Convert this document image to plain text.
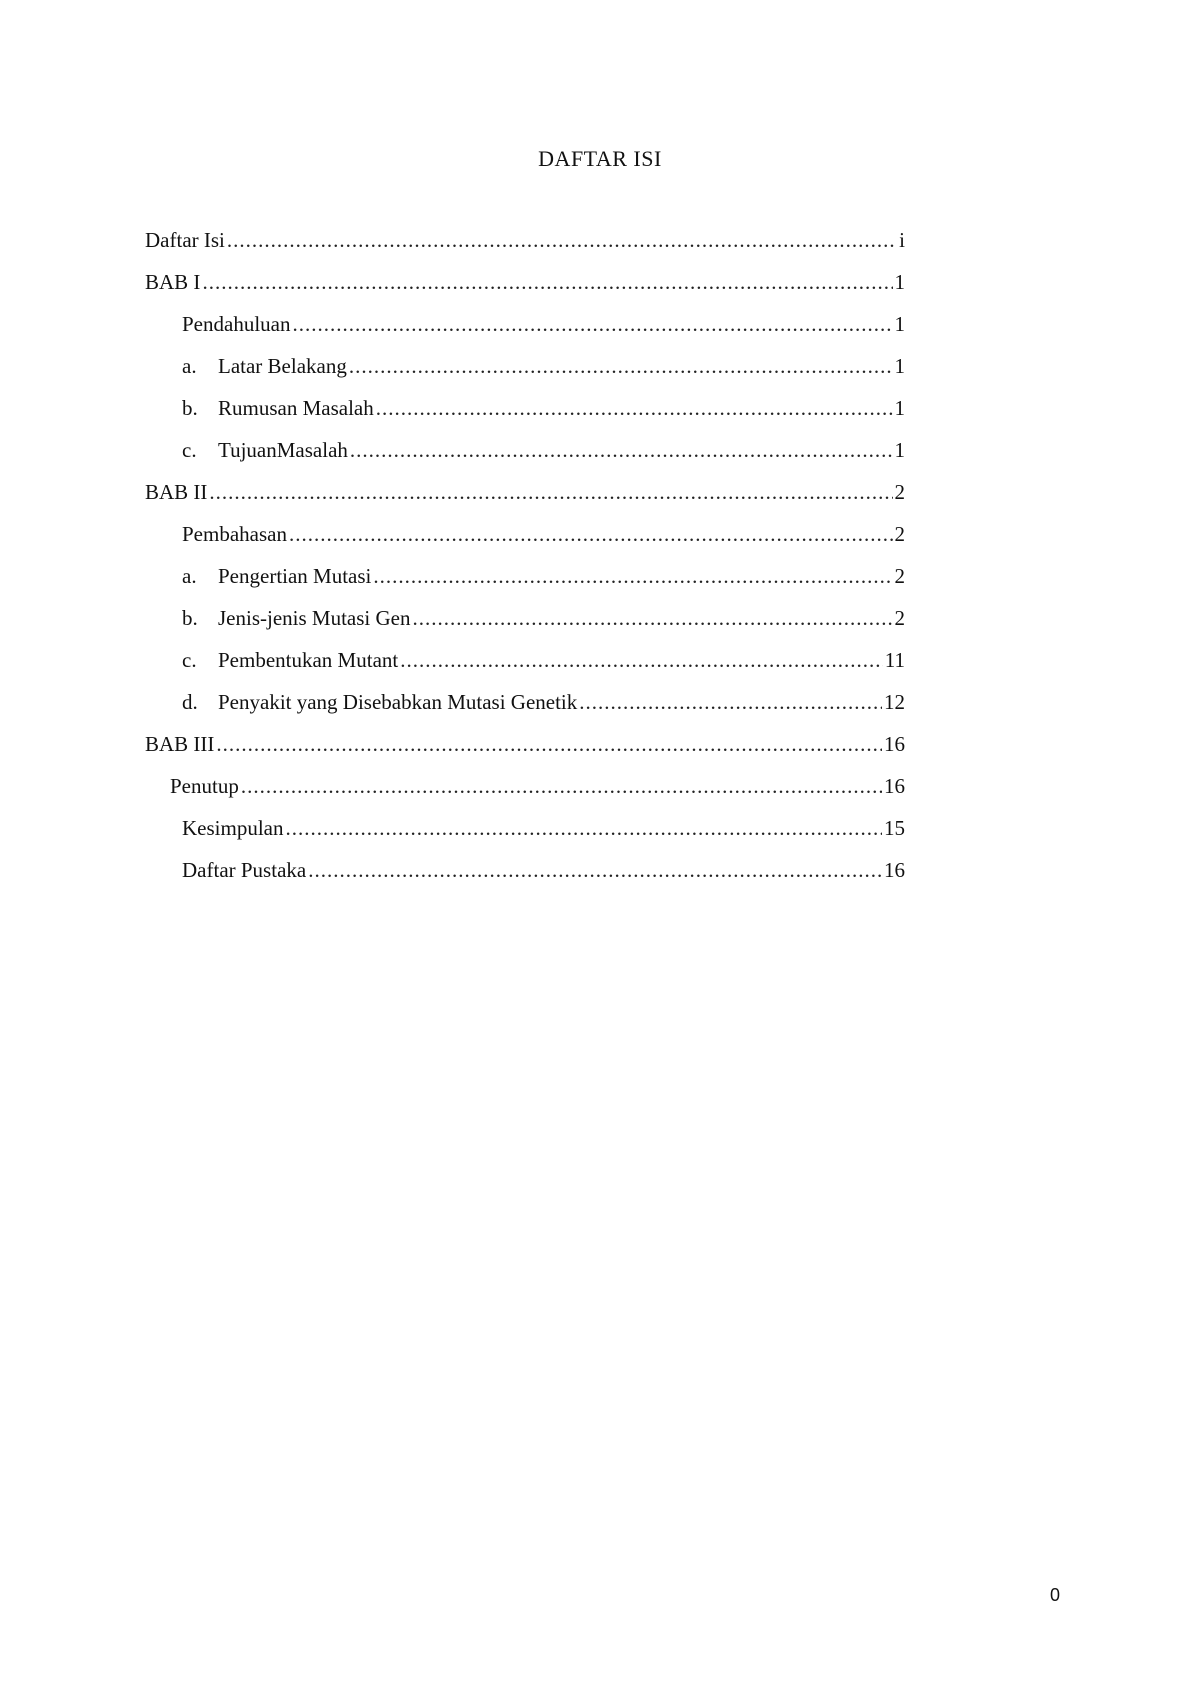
DAFTAR ISI
Daftar Isi .....	i
BAB I .....	1
Pendahuluan .....	1
a.	Latar Belakang .....	1
b. Rumusan Masalah .....	1
c.	TujuanMasalah .....	1
BAB II .....	2
Pembahasan .....	2
a.	Pengertian Mutasi .....	2
b. Jenis-jenis Mutasi Gen .....	2
c.	Pembentukan Mutant .....	11
d. Penyakit yang Disebabkan Mutasi Genetik .....	12
BAB III .....	16
Penutup .....	16
Kesimpulan .....	15
Daftar Pustaka .....	16
0
